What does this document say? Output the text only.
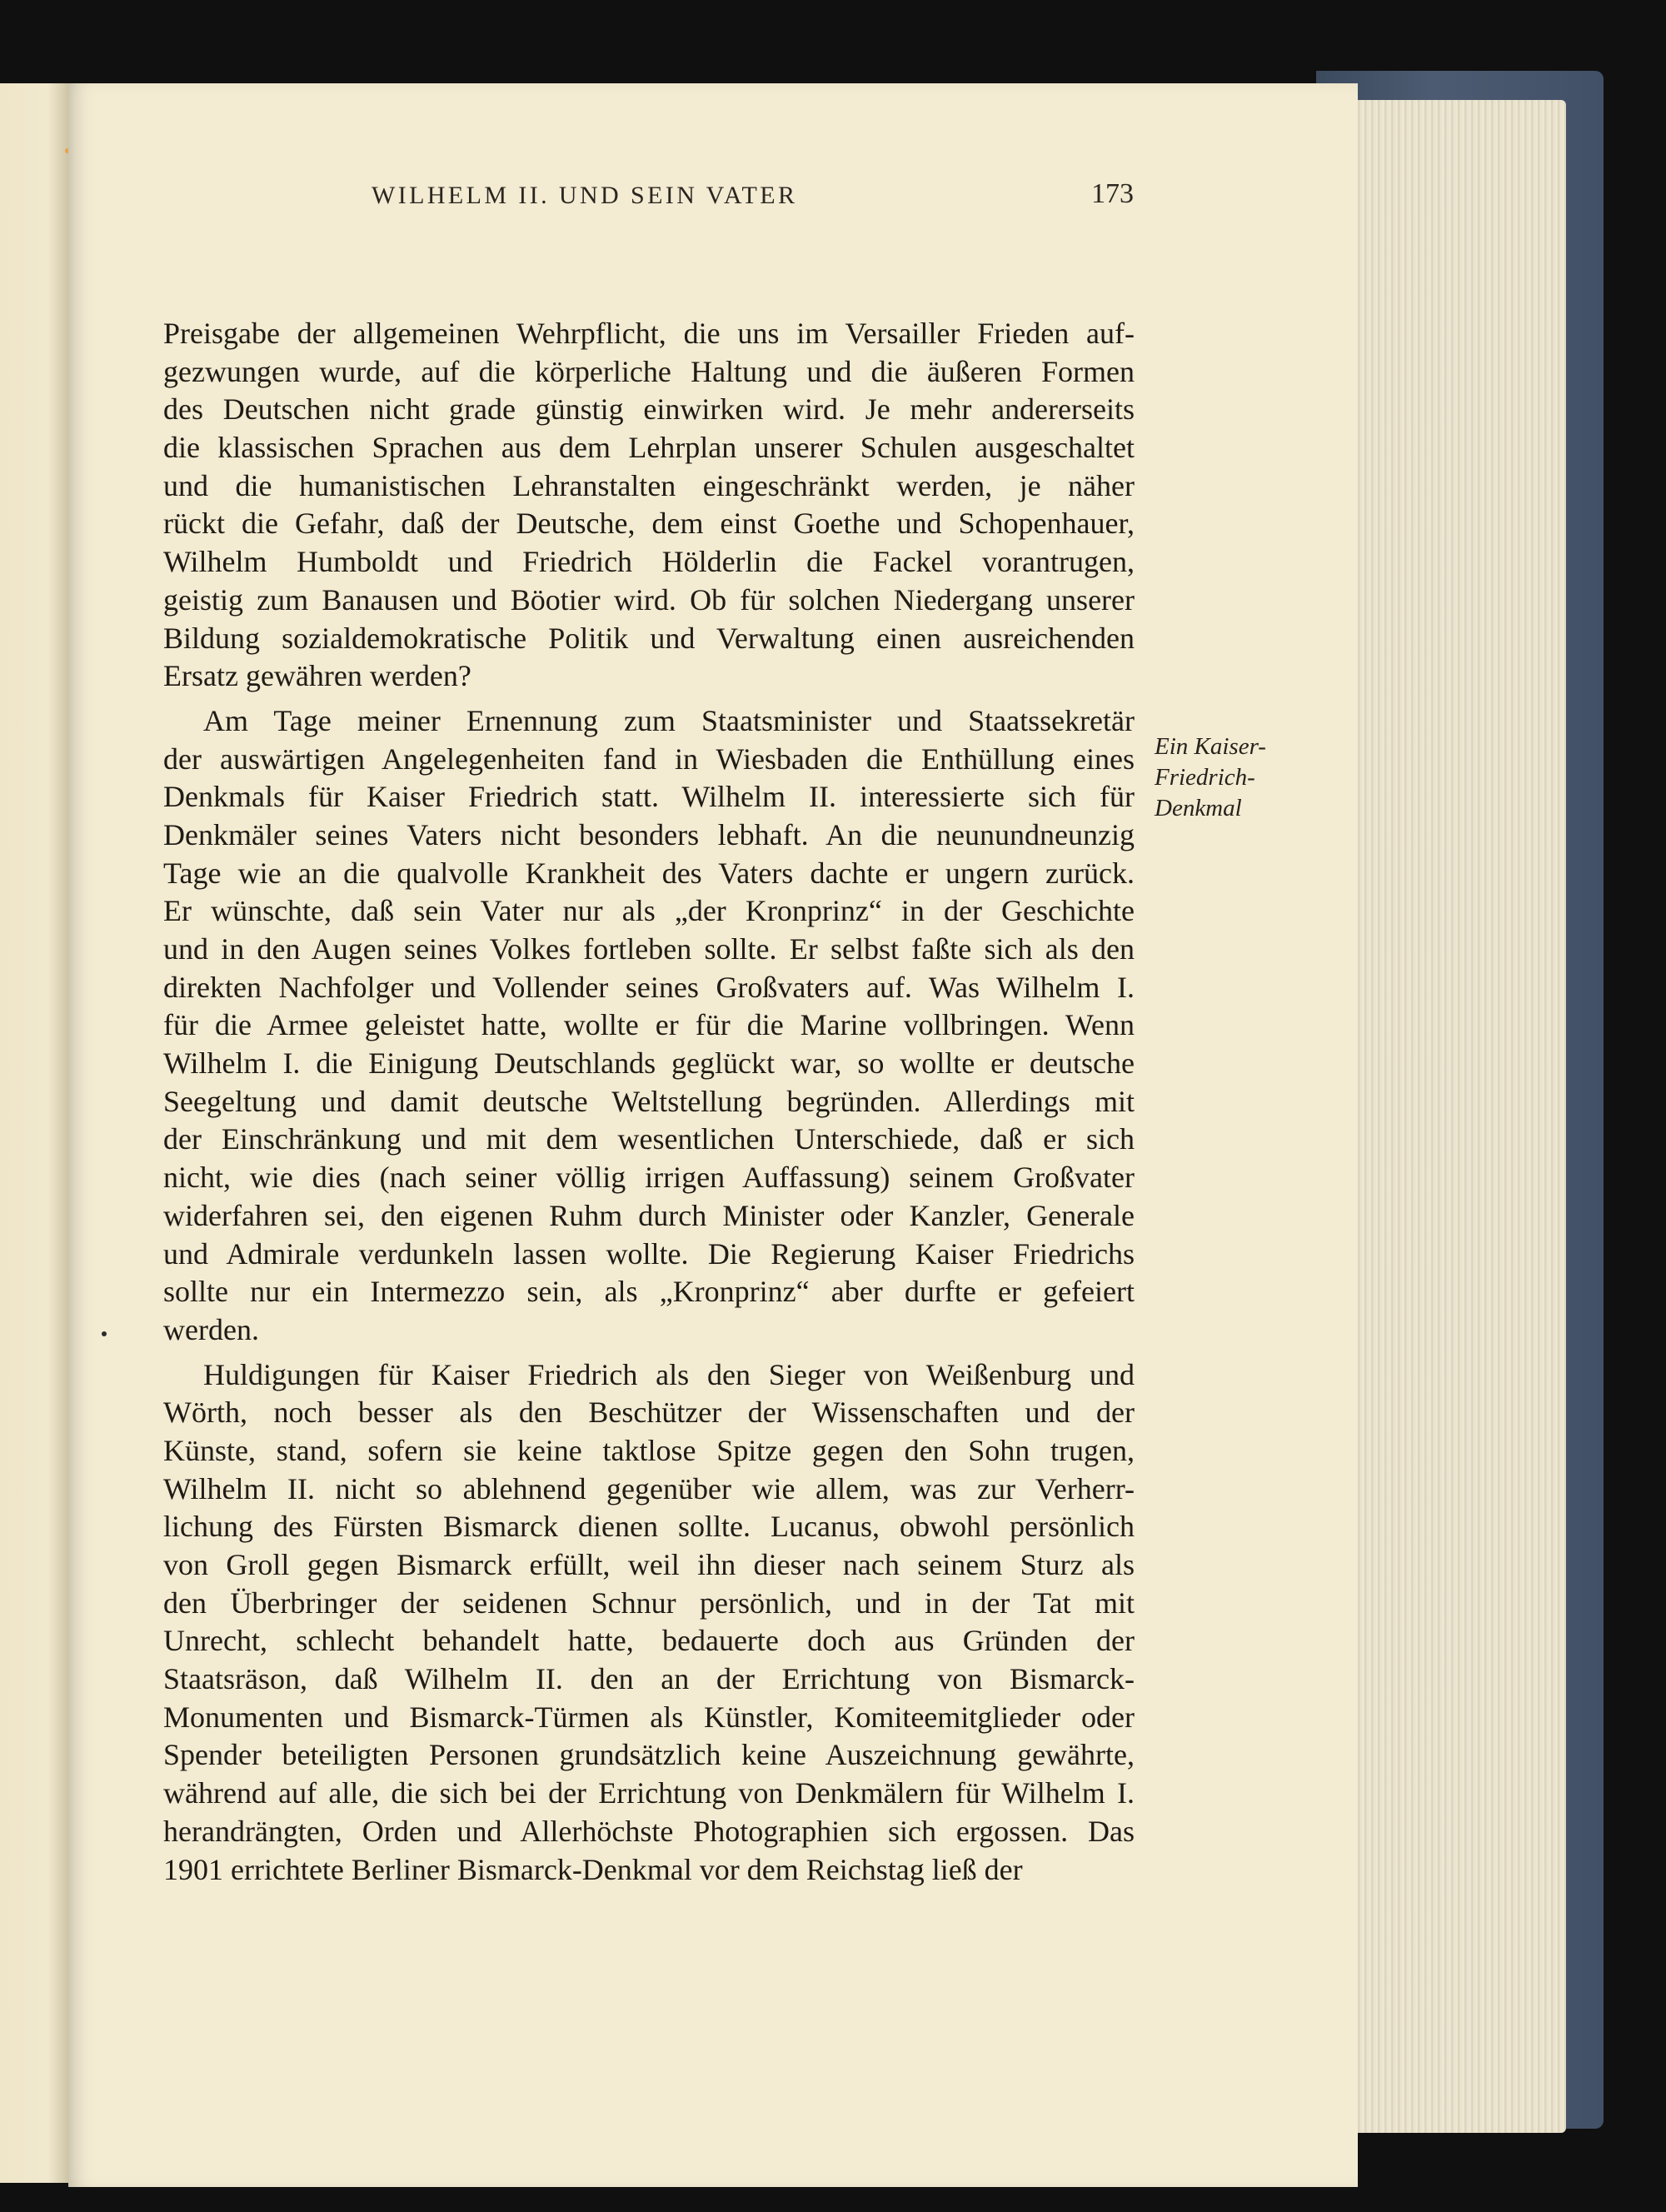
WILHELM II. UND SEIN VATER	173
Preisgabe der allgemeinen Wehrpflicht, die uns im Versailler Frieden auf-
gezwungen wurde, auf die körperliche Haltung und die äußeren Formen
des Deutschen nicht grade günstig einwirken wird. Je mehr andererseits
die klassischen Sprachen aus dem Lehrplan unserer Schulen ausgeschaltet
und die humanistischen Lehranstalten eingeschränkt werden, je näher
rückt die Gefahr, daß der Deutsche, dem einst Goethe und Schopenhauer,
Wilhelm Humboldt und Friedrich Hölderlin die Fackel vorantrugen,
geistig zum Banausen und Böotier wird. Ob für solchen Niedergang unserer
Bildung sozialdemokratische Politik und Verwaltung einen ausreichenden
Ersatz gewähren werden?
Am Tage meiner Ernennung zum Staatsminister und Staatssekretär
der auswärtigen Angelegenheiten fand in Wiesbaden die Enthüllung eines
Denkmals für Kaiser Friedrich statt. Wilhelm II. interessierte sich für
Denkmäler seines Vaters nicht besonders lebhaft. An die neunundneunzig
Tage wie an die qualvolle Krankheit des Vaters dachte er ungern zurück.
Er wünschte, daß sein Vater nur als „der Kronprinz“ in der Geschichte
und in den Augen seines Volkes fortleben sollte. Er selbst faßte sich als den
direkten Nachfolger und Vollender seines Großvaters auf. Was Wilhelm I.
für die Armee geleistet hatte, wollte er für die Marine vollbringen. Wenn
Wilhelm I. die Einigung Deutschlands geglückt war, so wollte er deutsche
Seegeltung und damit deutsche Weltstellung begründen. Allerdings mit
der Einschränkung und mit dem wesentlichen Unterschiede, daß er sich
nicht, wie dies (nach seiner völlig irrigen Auffassung) seinem Großvater
widerfahren sei, den eigenen Ruhm durch Minister oder Kanzler, Generale
und Admirale verdunkeln lassen wollte. Die Regierung Kaiser Friedrichs
sollte nur ein Intermezzo sein, als „Kronprinz“ aber durfte er gefeiert
werden.
Huldigungen für Kaiser Friedrich als den Sieger von Weißenburg und
Wörth, noch besser als den Beschützer der Wissenschaften und der
Künste, stand, sofern sie keine taktlose Spitze gegen den Sohn trugen,
Wilhelm II. nicht so ablehnend gegenüber wie allem, was zur Verherr-
lichung des Fürsten Bismarck dienen sollte. Lucanus, obwohl persönlich
von Groll gegen Bismarck erfüllt, weil ihn dieser nach seinem Sturz als
den Überbringer der seidenen Schnur persönlich, und in der Tat mit
Unrecht, schlecht behandelt hatte, bedauerte doch aus Gründen der
Staatsräson, daß Wilhelm II. den an der Errichtung von Bismarck-
Monumenten und Bismarck-Türmen als Künstler, Komiteemitglieder oder
Spender beteiligten Personen grundsätzlich keine Auszeichnung gewährte,
während auf alle, die sich bei der Errichtung von Denkmälern für Wilhelm I.
herandrängten, Orden und Allerhöchste Photographien sich ergossen. Das
1901 errichtete Berliner Bismarck-Denkmal vor dem Reichstag ließ der
Ein Kaiser-
Friedrich-
Denkmal
